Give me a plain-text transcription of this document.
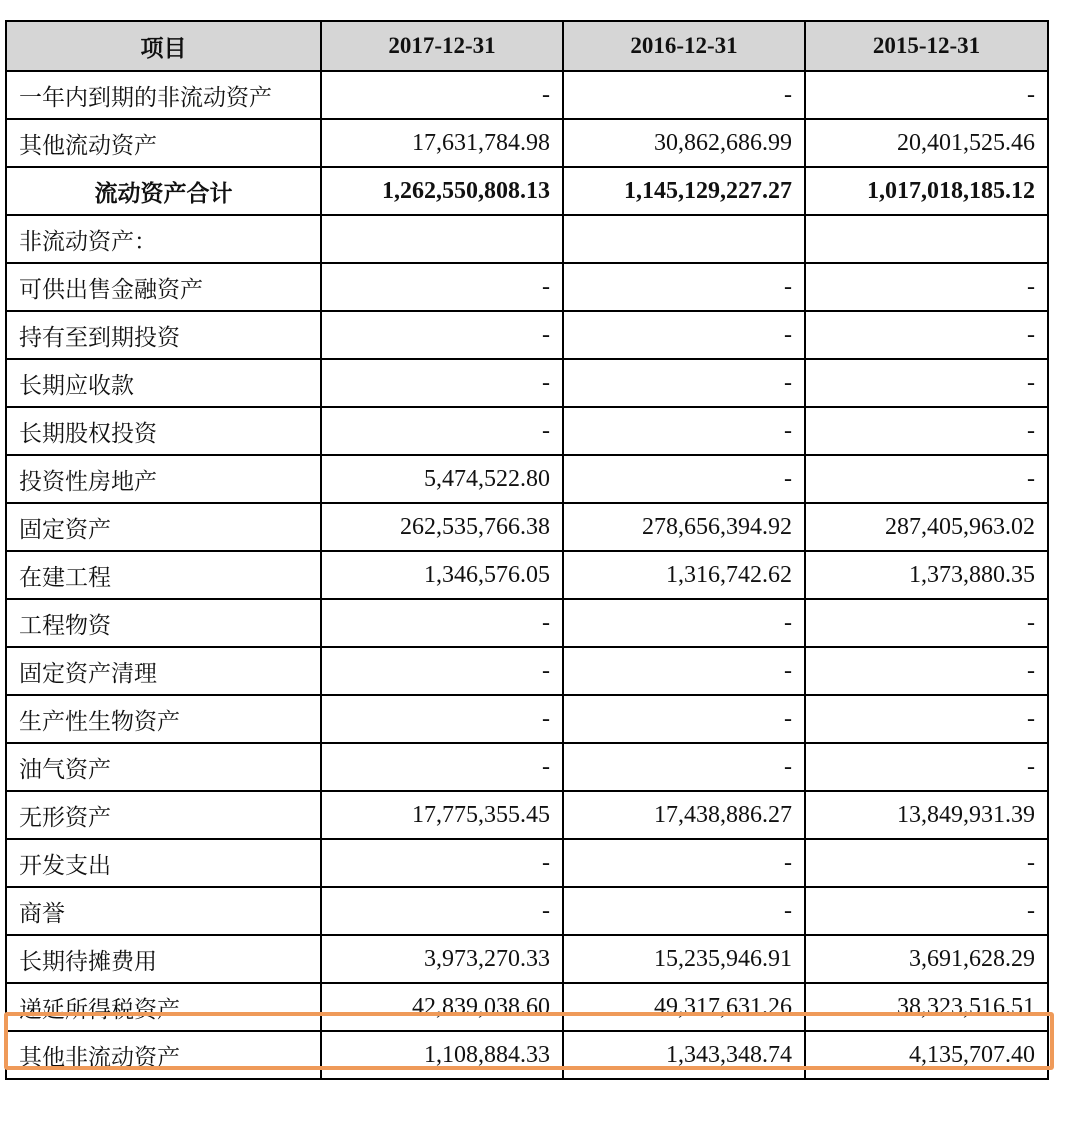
项目	2017-12-31	2016-12-31	2015-12-31
一年内到期的非流动资产	-	-	-
其他流动资产	17,631,784.98	30,862,686.99	20,401,525.46
流动资产合计	1,262,550,808.13	1,145,129,227.27	1,017,018,185.12
非流动资产：			
可供出售金融资产	-	-	-
持有至到期投资	-	-	-
长期应收款	-	-	-
长期股权投资	-	-	-
投资性房地产	5,474,522.80	-	-
固定资产	262,535,766.38	278,656,394.92	287,405,963.02
在建工程	1,346,576.05	1,316,742.62	1,373,880.35
工程物资	-	-	-
固定资产清理	-	-	-
生产性生物资产	-	-	-
油气资产	-	-	-
无形资产	17,775,355.45	17,438,886.27	13,849,931.39
开发支出	-	-	-
商誉	-	-	-
长期待摊费用	3,973,270.33	15,235,946.91	3,691,628.29
递延所得税资产	42,839,038.60	49,317,631.26	38,323,516.51
其他非流动资产	1,108,884.33	1,343,348.74	4,135,707.40
